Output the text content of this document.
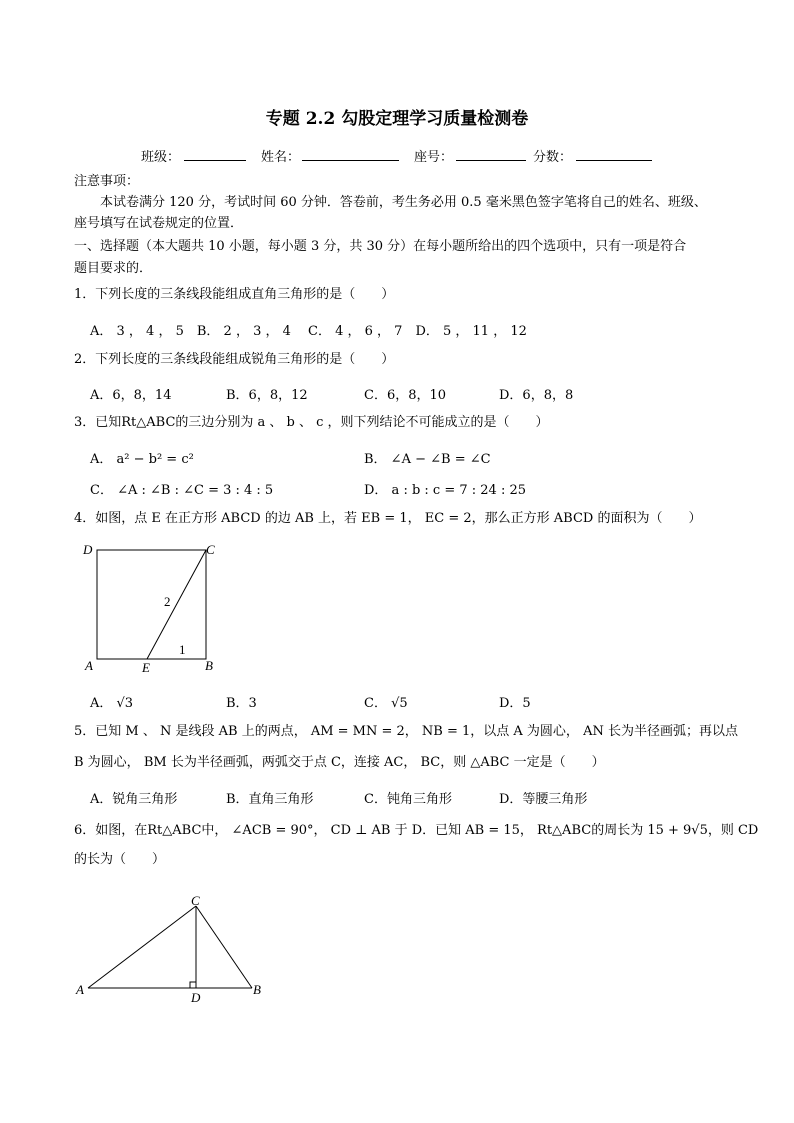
专题 2.2 勾股定理学习质量检测卷
班级：	姓名：	座号：	分数：
注意事项：
本试卷满分 120 分，考试时间 60 分钟．答卷前，考生务必用 0.5 毫米黑色签字笔将自己的姓名、班级、
座号填写在试卷规定的位置．
一、选择题（本大题共 10 小题，每小题 3 分，共 30 分）在每小题所给出的四个选项中，只有一项是符合
题目要求的．
1．下列长度的三条线段能组成直角三角形的是（　　）
A． 3 ， 4 ， 5　B． 2 ， 3 ， 4　 C． 4 ， 6 ， 7　D． 5 ， 11 ， 12
2．下列长度的三条线段能组成锐角三角形的是（　　）
A．6，8，14	B．6，8，12	C．6，8，10	D．6，8，8
3．已知Rt△ABC的三边分别为 a 、 b 、 c ，则下列结论不可能成立的是（　　）
A． a² − b² = c²	B． ∠A − ∠B = ∠C
C． ∠A : ∠B : ∠C = 3 : 4 : 5	D． a : b : c = 7 : 24 : 25
4．如图，点 E 在正方形 ABCD 的边 AB 上，若 EB = 1， EC = 2，那么正方形 ABCD 的面积为（　　）
D	C
A	E	B
2
1
A． √3	B．3	C． √5	D．5
5．已知 M 、 N 是线段 AB 上的两点， AM = MN = 2， NB = 1，以点 A 为圆心， AN 长为半径画弧；再以点
B 为圆心， BM 长为半径画弧，两弧交于点 C，连接 AC， BC，则 △ABC 一定是（　　）
A．锐角三角形	B．直角三角形	C．钝角三角形	D．等腰三角形
6．如图，在Rt△ABC中， ∠ACB = 90°， CD ⊥ AB 于 D．已知 AB = 15， Rt△ABC的周长为 15 + 9√5，则 CD
的长为（　　）
C
A
D
B
